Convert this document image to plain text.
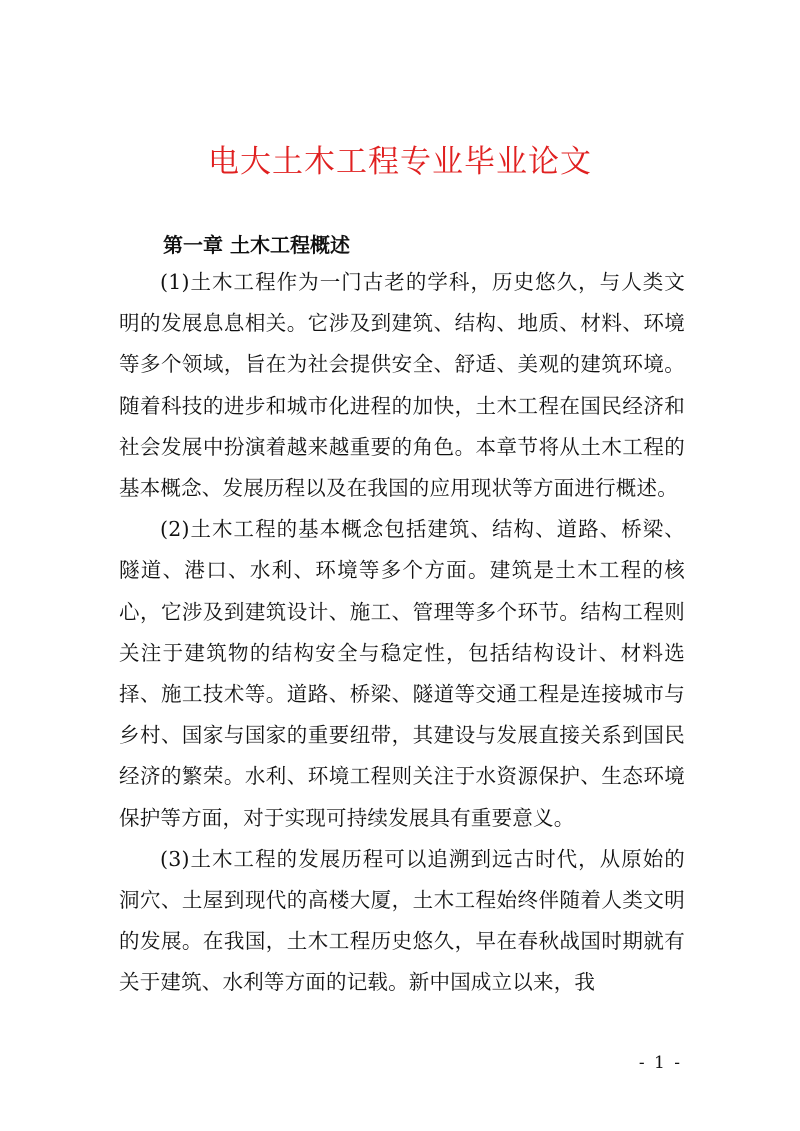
电大土木工程专业毕业论文
第一章 土木工程概述

(1)土木工程作为一门古老的学科，历史悠久，与人类文明的发展息息相关。它涉及到建筑、结构、地质、材料、环境等多个领域，旨在为社会提供安全、舒适、美观的建筑环境。随着科技的进步和城市化进程的加快，土木工程在国民经济和社会发展中扮演着越来越重要的角色。本章节将从土木工程的基本概念、发展历程以及在我国的应用现状等方面进行概述。

(2)土木工程的基本概念包括建筑、结构、道路、桥梁、隧道、港口、水利、环境等多个方面。建筑是土木工程的核心，它涉及到建筑设计、施工、管理等多个环节。结构工程则关注于建筑物的结构安全与稳定性，包括结构设计、材料选择、施工技术等。道路、桥梁、隧道等交通工程是连接城市与乡村、国家与国家的重要纽带，其建设与发展直接关系到国民经济的繁荣。水利、环境工程则关注于水资源保护、生态环境保护等方面，对于实现可持续发展具有重要意义。

(3)土木工程的发展历程可以追溯到远古时代，从原始的洞穴、土屋到现代的高楼大厦，土木工程始终伴随着人类文明的发展。在我国，土木工程历史悠久，早在春秋战国时期就有关于建筑、水利等方面的记载。新中国成立以来，我

- 1 -
